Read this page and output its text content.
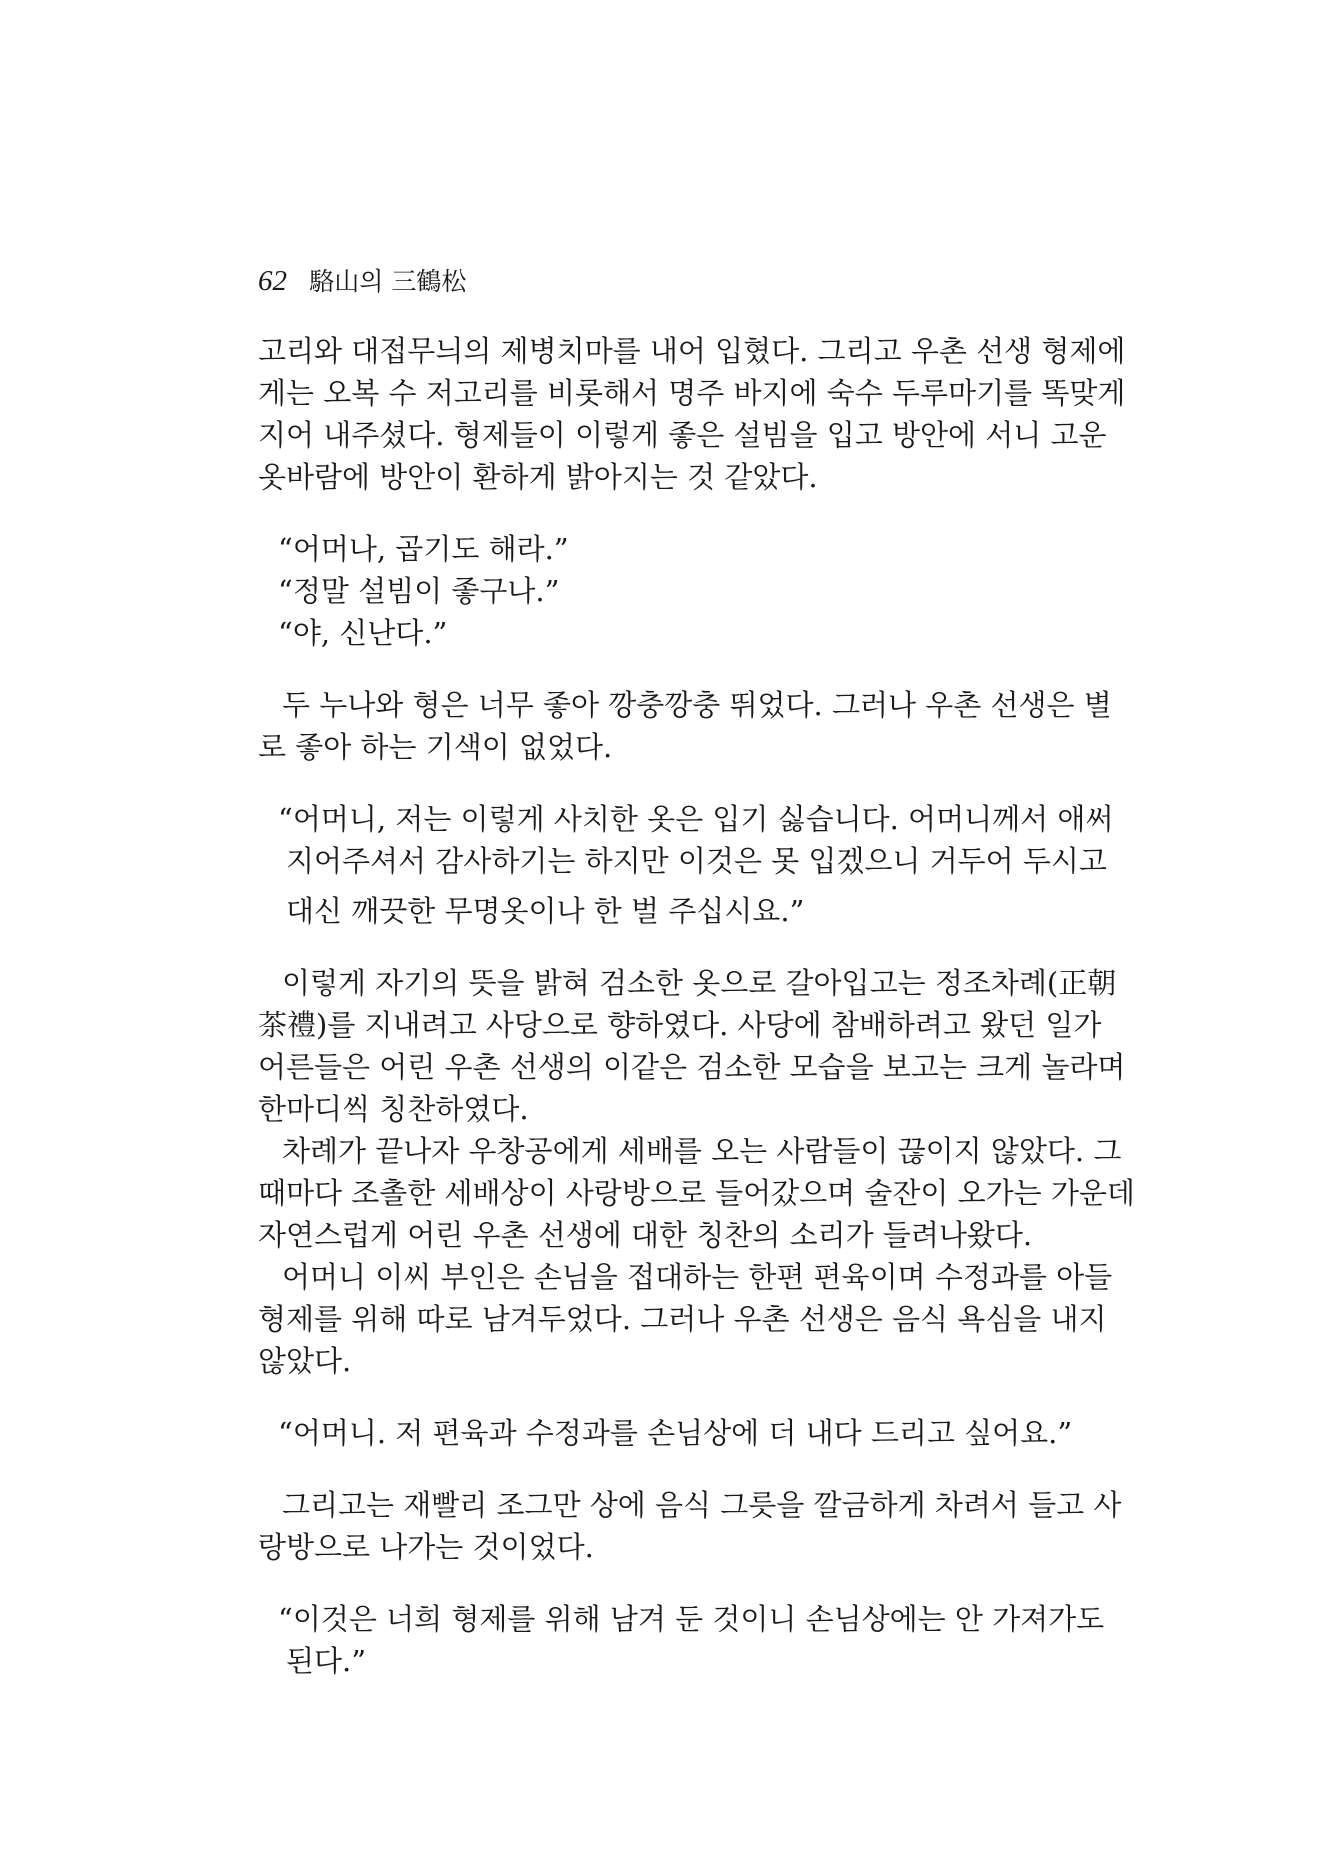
62 駱山의 三鶴松
고리와 대접무늬의 제병치마를 내어 입혔다. 그리고 우촌 선생 형제에
게는 오복 수 저고리를 비롯해서 명주 바지에 숙수 두루마기를 똑맞게
지어 내주셨다. 형제들이 이렇게 좋은 설빔을 입고 방안에 서니 고운
옷바람에 방안이 환하게 밝아지는 것 같았다.
“어머나, 곱기도 해라.”
“정말 설빔이 좋구나.”
“야, 신난다.”
두 누나와 형은 너무 좋아 깡충깡충 뛰었다. 그러나 우촌 선생은 별
로 좋아 하는 기색이 없었다.
“어머니, 저는 이렇게 사치한 옷은 입기 싫습니다. 어머니께서 애써
지어주셔서 감사하기는 하지만 이것은 못 입겠으니 거두어 두시고
대신 깨끗한 무명옷이나 한 벌 주십시요.”
이렇게 자기의 뜻을 밝혀 검소한 옷으로 갈아입고는 정조차례(正朝
茶禮)를 지내려고 사당으로 향하였다. 사당에 참배하려고 왔던 일가
어른들은 어린 우촌 선생의 이같은 검소한 모습을 보고는 크게 놀라며
한마디씩 칭찬하였다.
차례가 끝나자 우창공에게 세배를 오는 사람들이 끊이지 않았다. 그
때마다 조촐한 세배상이 사랑방으로 들어갔으며 술잔이 오가는 가운데
자연스럽게 어린 우촌 선생에 대한 칭찬의 소리가 들려나왔다.
어머니 이씨 부인은 손님을 접대하는 한편 편육이며 수정과를 아들
형제를 위해 따로 남겨두었다. 그러나 우촌 선생은 음식 욕심을 내지
않았다.
“어머니. 저 편육과 수정과를 손님상에 더 내다 드리고 싶어요.”
그리고는 재빨리 조그만 상에 음식 그릇을 깔금하게 차려서 들고 사
랑방으로 나가는 것이었다.
“이것은 너희 형제를 위해 남겨 둔 것이니 손님상에는 안 가져가도
된다.”
